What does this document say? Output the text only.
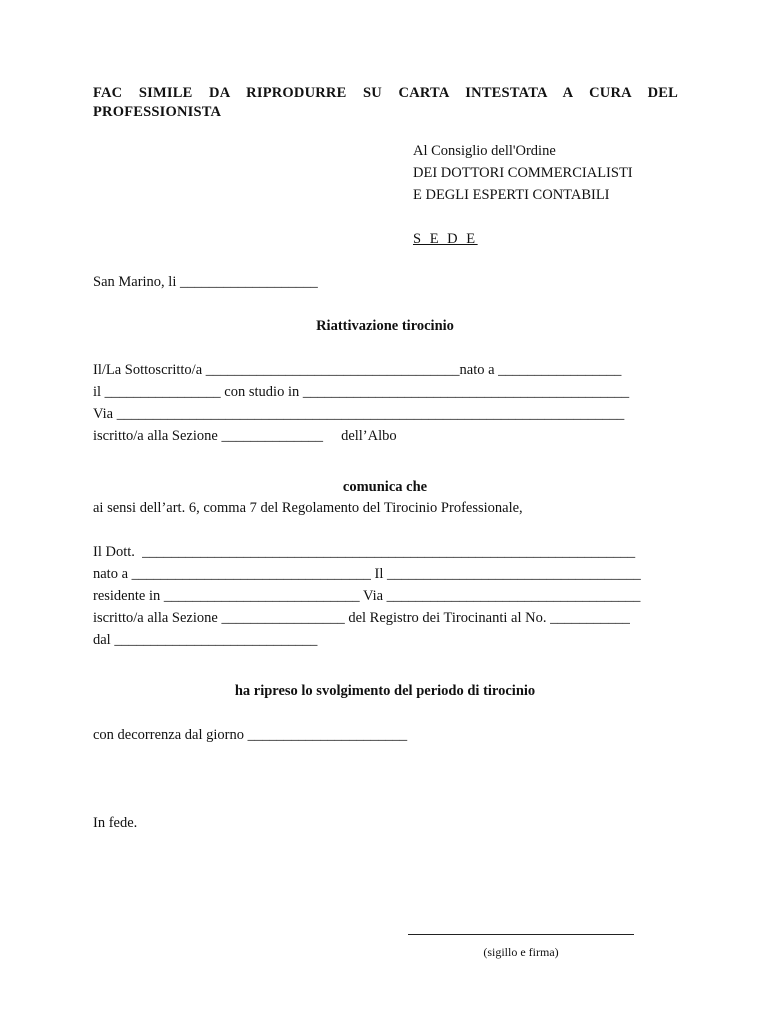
FAC SIMILE DA RIPRODURRE SU CARTA INTESTATA A CURA DEL
PROFESSIONISTA
Al Consiglio dell'Ordine
DEI DOTTORI COMMERCIALISTI
E DEGLI ESPERTI CONTABILI
S E D E
San Marino, li ___________________
Riattivazione tirocinio
Il/La Sottoscritto/a ___________________________________nato a _________________
il ________________ con studio in _____________________________________________
Via ______________________________________________________________________
iscritto/a alla Sezione ______________     dell’Albo
comunica che
ai sensi dell’art. 6, comma 7 del Regolamento del Tirocinio Professionale,
Il Dott.  ____________________________________________________________________
nato a _________________________________ Il ___________________________________
residente in ___________________________ Via ___________________________________
iscritto/a alla Sezione _________________ del Registro dei Tirocinanti al No. ___________
dal ____________________________
ha ripreso lo svolgimento del periodo di tirocinio
con decorrenza dal giorno ______________________
In fede.
(sigillo e firma)
